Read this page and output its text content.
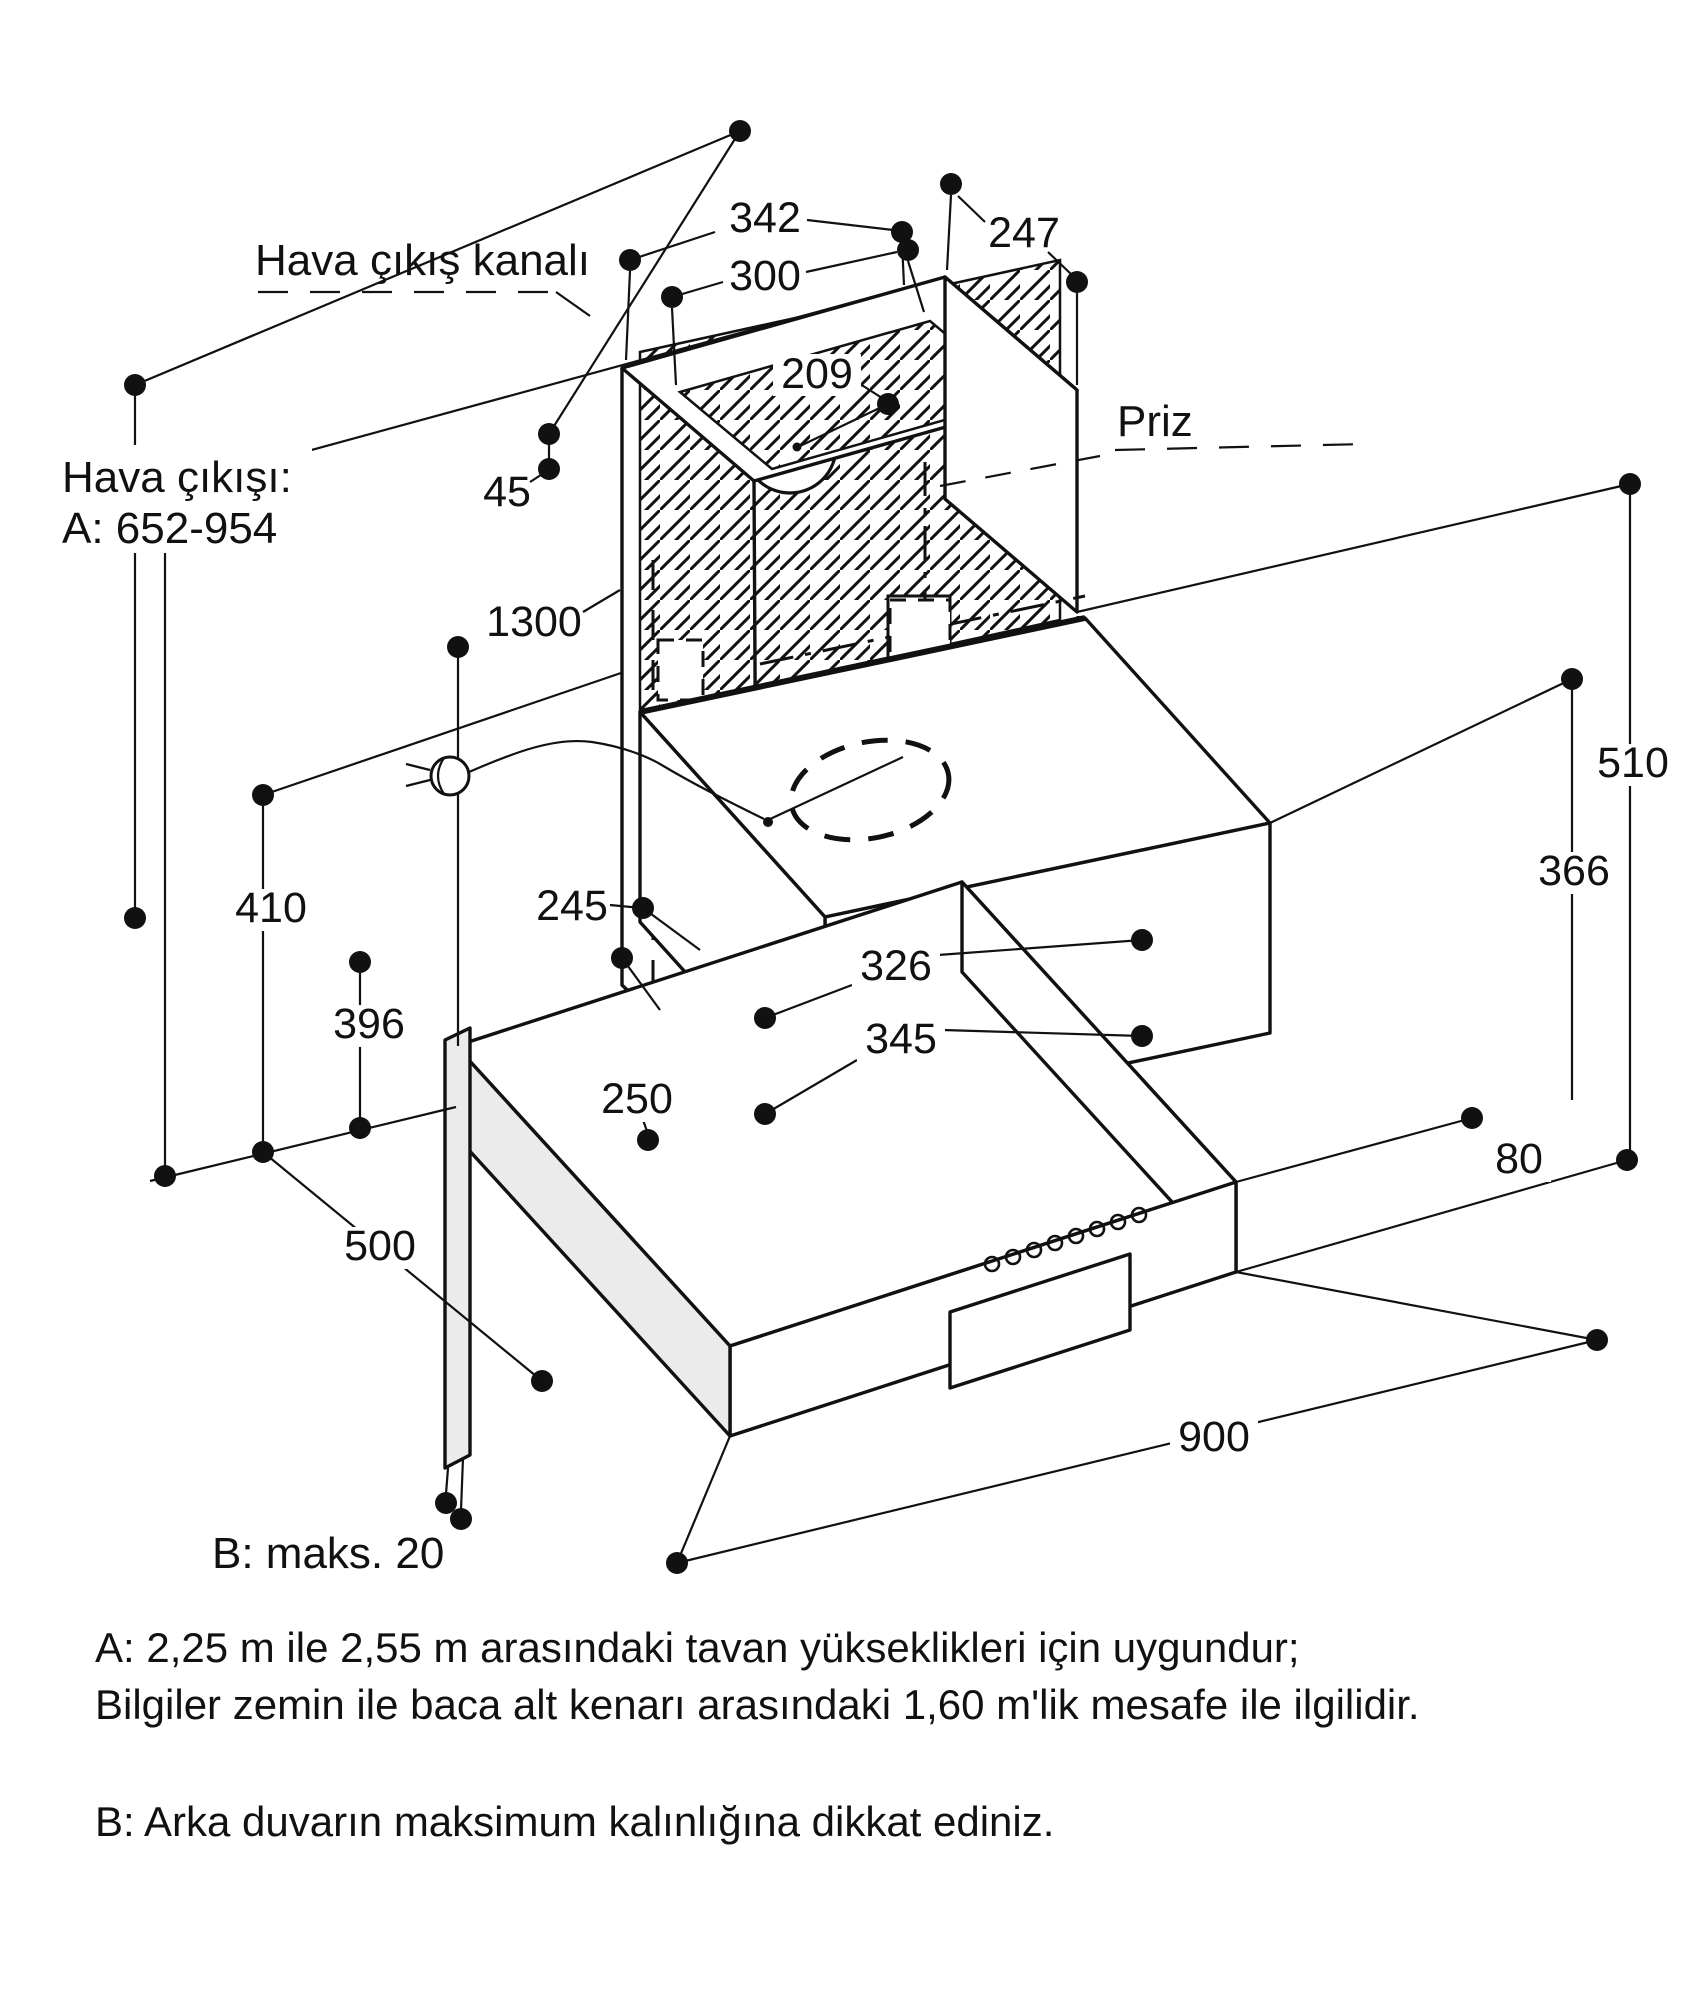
342
300
247
209
45
1300
510
366
80
410
396
245
326
345
250
500
900
Hava çıkış kanalı
Priz
Hava çıkışı:
A: 652-954
B: maks. 20
A: 2,25 m ile 2,55 m arasındaki tavan yükseklikleri için uygundur;
Bilgiler zemin ile baca alt kenarı arasındaki 1,60 m'lik mesafe ile ilgilidir.
B: Arka duvarın maksimum kalınlığına dikkat ediniz.
